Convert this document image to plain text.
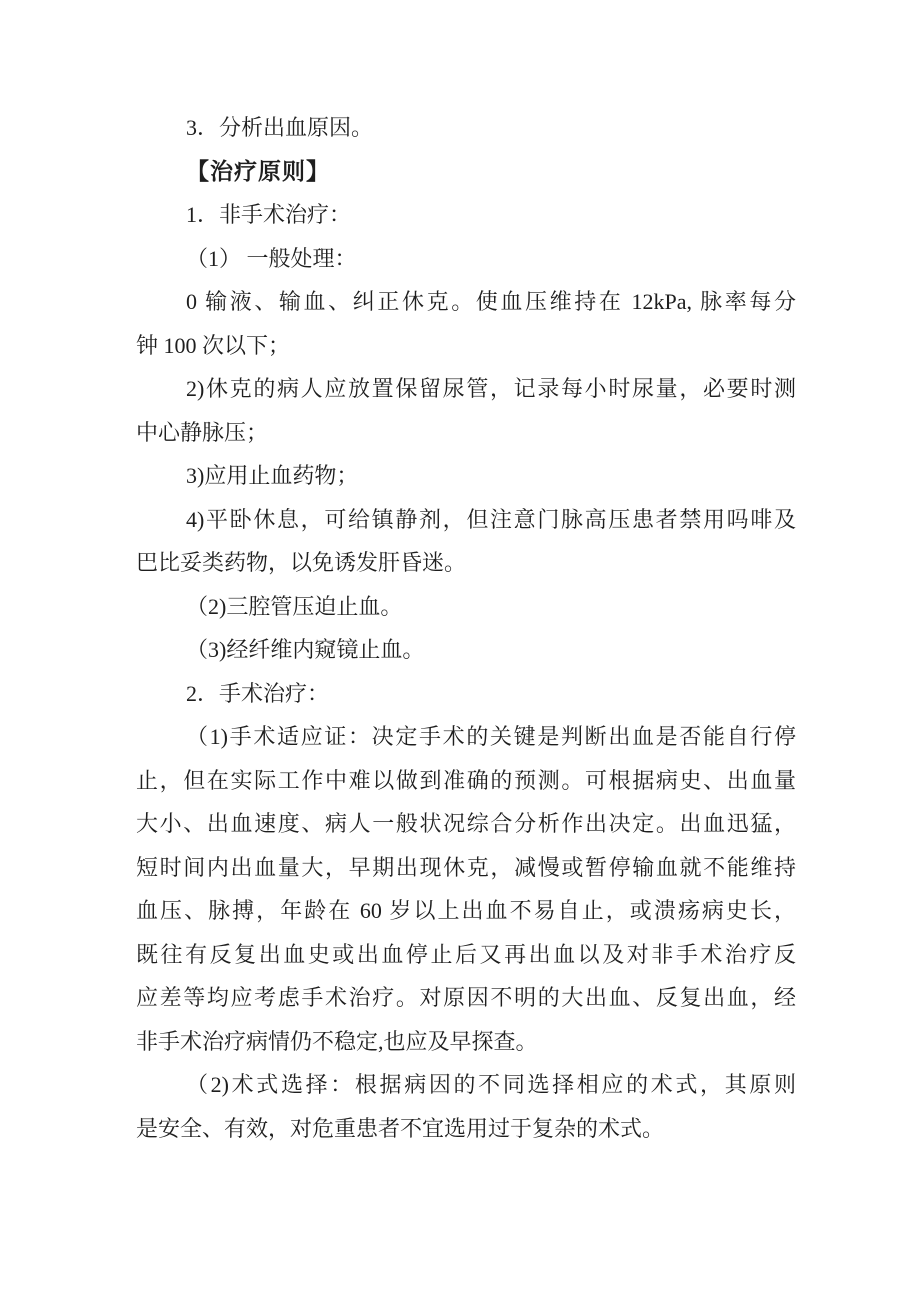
3．分析出血原因。
【治疗原则】
1．非手术治疗：
（1） 一般处理：
0 输液、输血、纠正休克。使血压维持在 12kPa, 脉率每分
钟 100 次以下；
2)休克的病人应放置保留尿管，记录每小时尿量，必要时测
中心静脉压；
3)应用止血药物；
4)平卧休息，可给镇静剂，但注意门脉高压患者禁用吗啡及
巴比妥类药物，以免诱发肝昏迷。
（2)三腔管压迫止血。
（3)经纤维内窥镜止血。
2．手术治疗：
（1)手术适应证：决定手术的关键是判断出血是否能自行停
止，但在实际工作中难以做到准确的预测。可根据病史、出血量
大小、出血速度、病人一般状况综合分析作出决定。出血迅猛，
短时间内出血量大，早期出现休克，减慢或暂停输血就不能维持
血压、脉搏，年龄在 60 岁以上出血不易自止，或溃疡病史长，
既往有反复出血史或出血停止后又再出血以及对非手术治疗反
应差等均应考虑手术治疗。对原因不明的大出血、反复出血，经
非手术治疗病情仍不稳定,也应及早探查。
（2)术式选择：根据病因的不同选择相应的术式，其原则
是安全、有效，对危重患者不宜选用过于复杂的术式。
